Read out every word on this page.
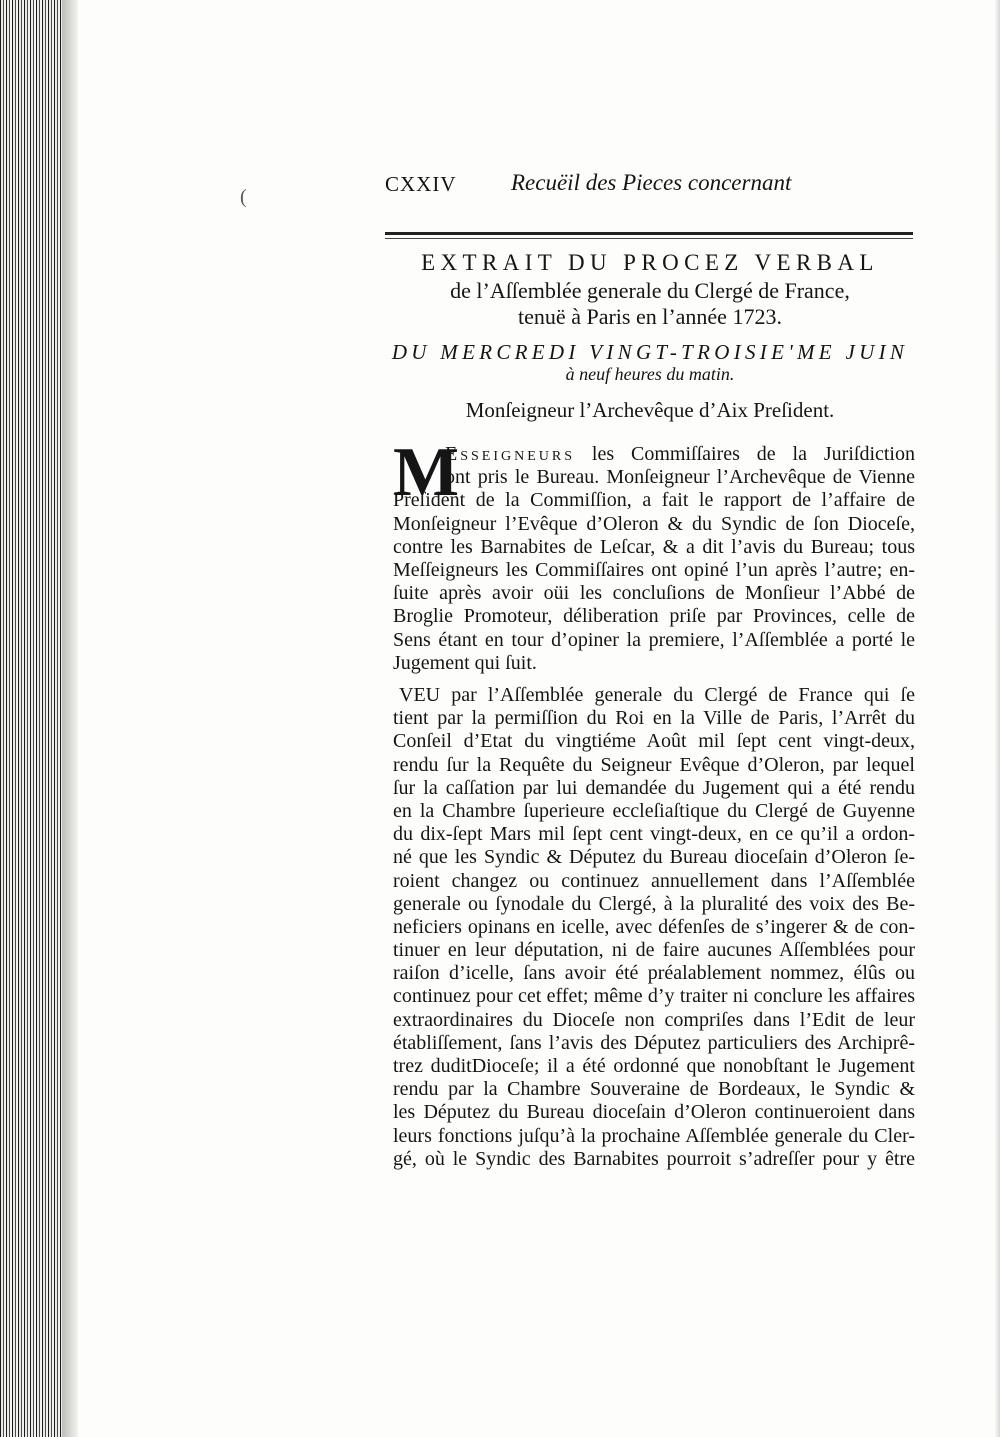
(
CXXIV Recuëil des Pieces concernant
EXTRAIT DU PROCEZ VERBAL
de l’Aſſemblée generale du Clergé de France,
tenuë à Paris en l’année 1723.
DU MERCREDI VINGT-TROISIE'ME JUIN
à neuf heures du matin.
Monſeigneur l’Archevêque d’Aix Preſident.
M
Esseigneurs les Commiſſaires de la Juriſdiction
ont pris le Bureau. Monſeigneur l’Archevêque de Vienne
Preſident de la Commiſſion, a fait le rapport de l’affaire de
Monſeigneur l’Evêque d’Oleron & du Syndic de ſon Dioceſe,
contre les Barnabites de Leſcar, & a dit l’avis du Bureau; tous
Meſſeigneurs les Commiſſaires ont opiné l’un après l’autre; en-
ſuite après avoir oüi les concluſions de Monſieur l’Abbé de
Broglie Promoteur, déliberation priſe par Provinces, celle de
Sens étant en tour d’opiner la premiere, l’Aſſemblée a porté le
Jugement qui ſuit.
VEU par l’Aſſemblée generale du Clergé de France qui ſe
tient par la permiſſion du Roi en la Ville de Paris, l’Arrêt du
Conſeil d’Etat du vingtiéme Août mil ſept cent vingt-deux,
rendu ſur la Requête du Seigneur Evêque d’Oleron, par lequel
ſur la caſſation par lui demandée du Jugement qui a été rendu
en la Chambre ſuperieure eccleſiaſtique du Clergé de Guyenne
du dix-ſept Mars mil ſept cent vingt-deux, en ce qu’il a ordon-
né que les Syndic & Députez du Bureau dioceſain d’Oleron ſe-
roient changez ou continuez annuellement dans l’Aſſemblée
generale ou ſynodale du Clergé, à la pluralité des voix des Be-
neficiers opinans en icelle, avec défenſes de s’ingerer & de con-
tinuer en leur députation, ni de faire aucunes Aſſemblées pour
raiſon d’icelle, ſans avoir été préalablement nommez, élûs ou
continuez pour cet effet; même d’y traiter ni conclure les affaires
extraordinaires du Dioceſe non compriſes dans l’Edit de leur
établiſſement, ſans l’avis des Députez particuliers des Archiprê-
trez duditDioceſe; il a été ordonné que nonobſtant le Jugement
rendu par la Chambre Souveraine de Bordeaux, le Syndic &
les Députez du Bureau dioceſain d’Oleron continueroient dans
leurs fonctions juſqu’à la prochaine Aſſemblée generale du Cler-
gé, où le Syndic des Barnabites pourroit s’adreſſer pour y être
